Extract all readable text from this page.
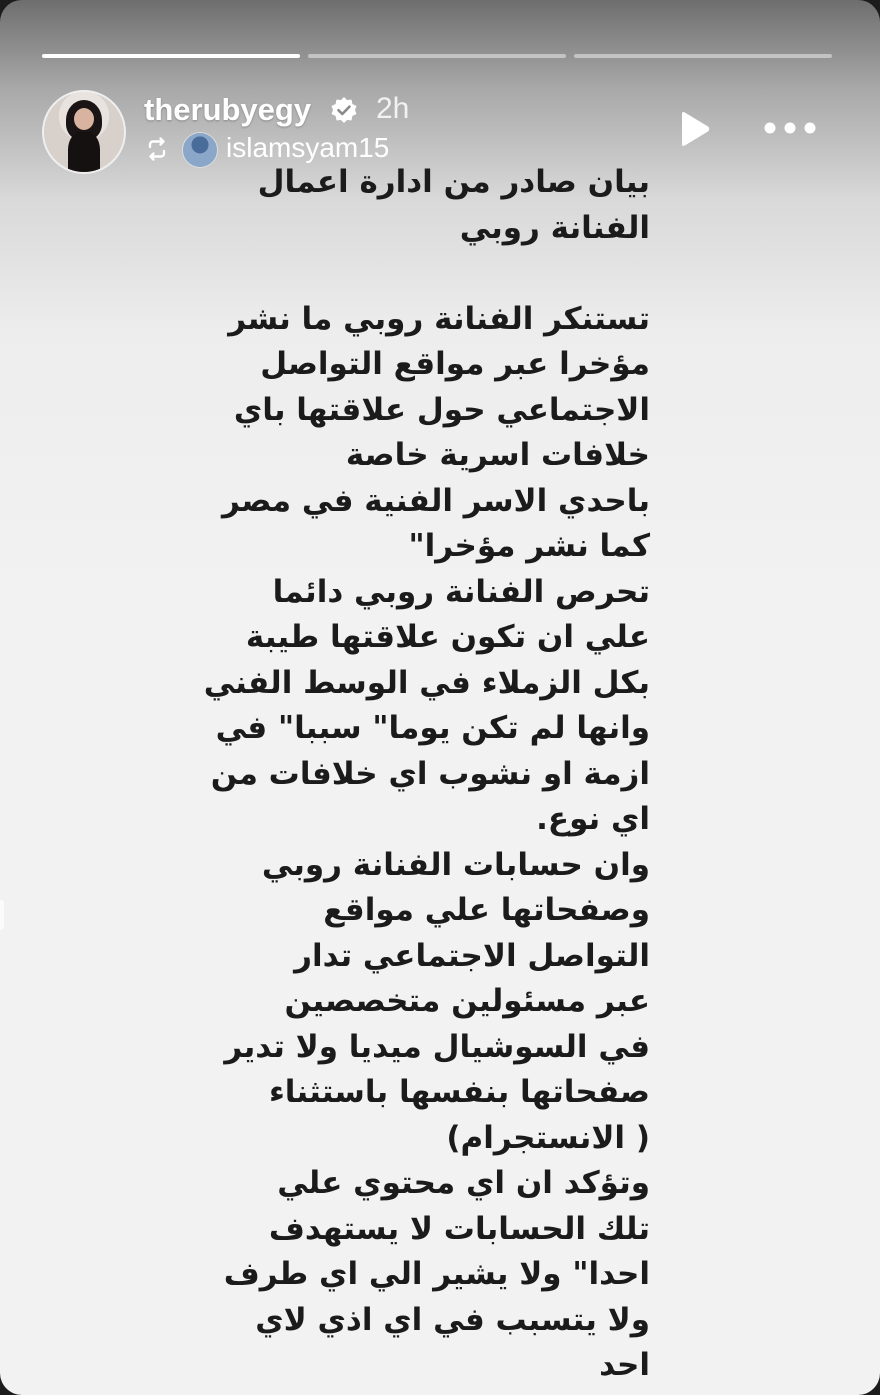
therubyegy 2h
islamsyam15
بيان صادر من ادارة اعمال
الفنانة روبي
تستنكر الفنانة روبي ما نشر
مؤخرا عبر مواقع التواصل
الاجتماعي حول علاقتها باي
خلافات اسرية خاصة
باحدي الاسر الفنية في مصر
كما نشر مؤخرا"
تحرص الفنانة روبي دائما
علي ان تكون علاقتها طيبة
بكل الزملاء في الوسط الفني
وانها لم تكن يوما" سببا" في
ازمة او نشوب اي خلافات من
اي نوع.
وان حسابات الفنانة روبي
وصفحاتها علي مواقع
التواصل الاجتماعي تدار
عبر مسئولين متخصصين
في السوشيال ميديا ولا تدير
صفحاتها بنفسها باستثناء
( الانستجرام)
وتؤكد ان اي محتوي علي
تلك الحسابات لا يستهدف
احدا" ولا يشير الي اي طرف
ولا يتسبب في اي اذي لاي
احد
